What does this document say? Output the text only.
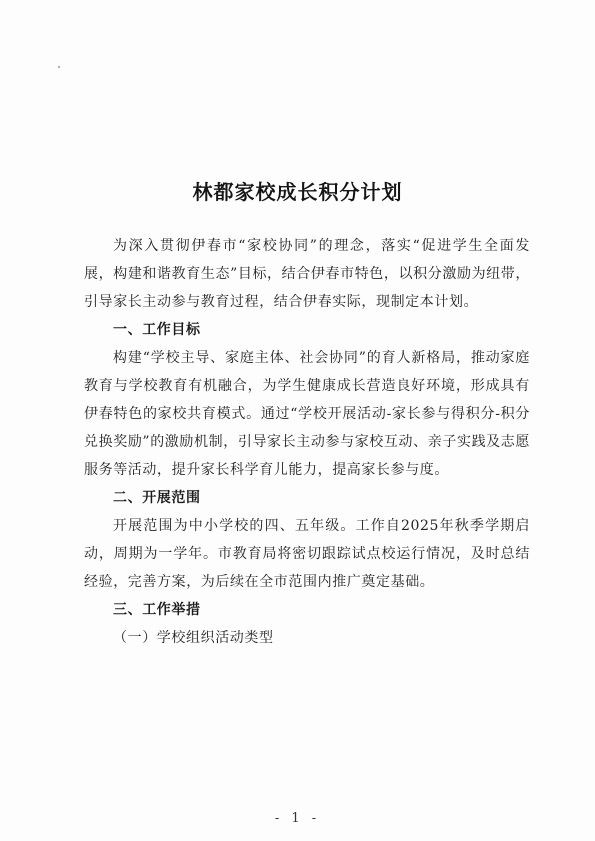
林都家校成长积分计划

为深入贯彻伊春市“家校协同”的理念，落实“促进学生全面发展，构建和谐教育生态”目标，结合伊春市特色，以积分激励为纽带，引导家长主动参与教育过程，结合伊春实际，现制定本计划。

一、工作目标

构建“学校主导、家庭主体、社会协同”的育人新格局，推动家庭教育与学校教育有机融合，为学生健康成长营造良好环境，形成具有伊春特色的家校共育模式。通过“学校开展活动-家长参与得积分-积分兑换奖励”的激励机制，引导家长主动参与家校互动、亲子实践及志愿服务等活动，提升家长科学育儿能力，提高家长参与度。

二、开展范围

开展范围为中小学校的四、五年级。工作自2025年秋季学期启动，周期为一学年。市教育局将密切跟踪试点校运行情况，及时总结经验，完善方案，为后续在全市范围内推广奠定基础。

三、工作举措

（一）学校组织活动类型

- 1 -
